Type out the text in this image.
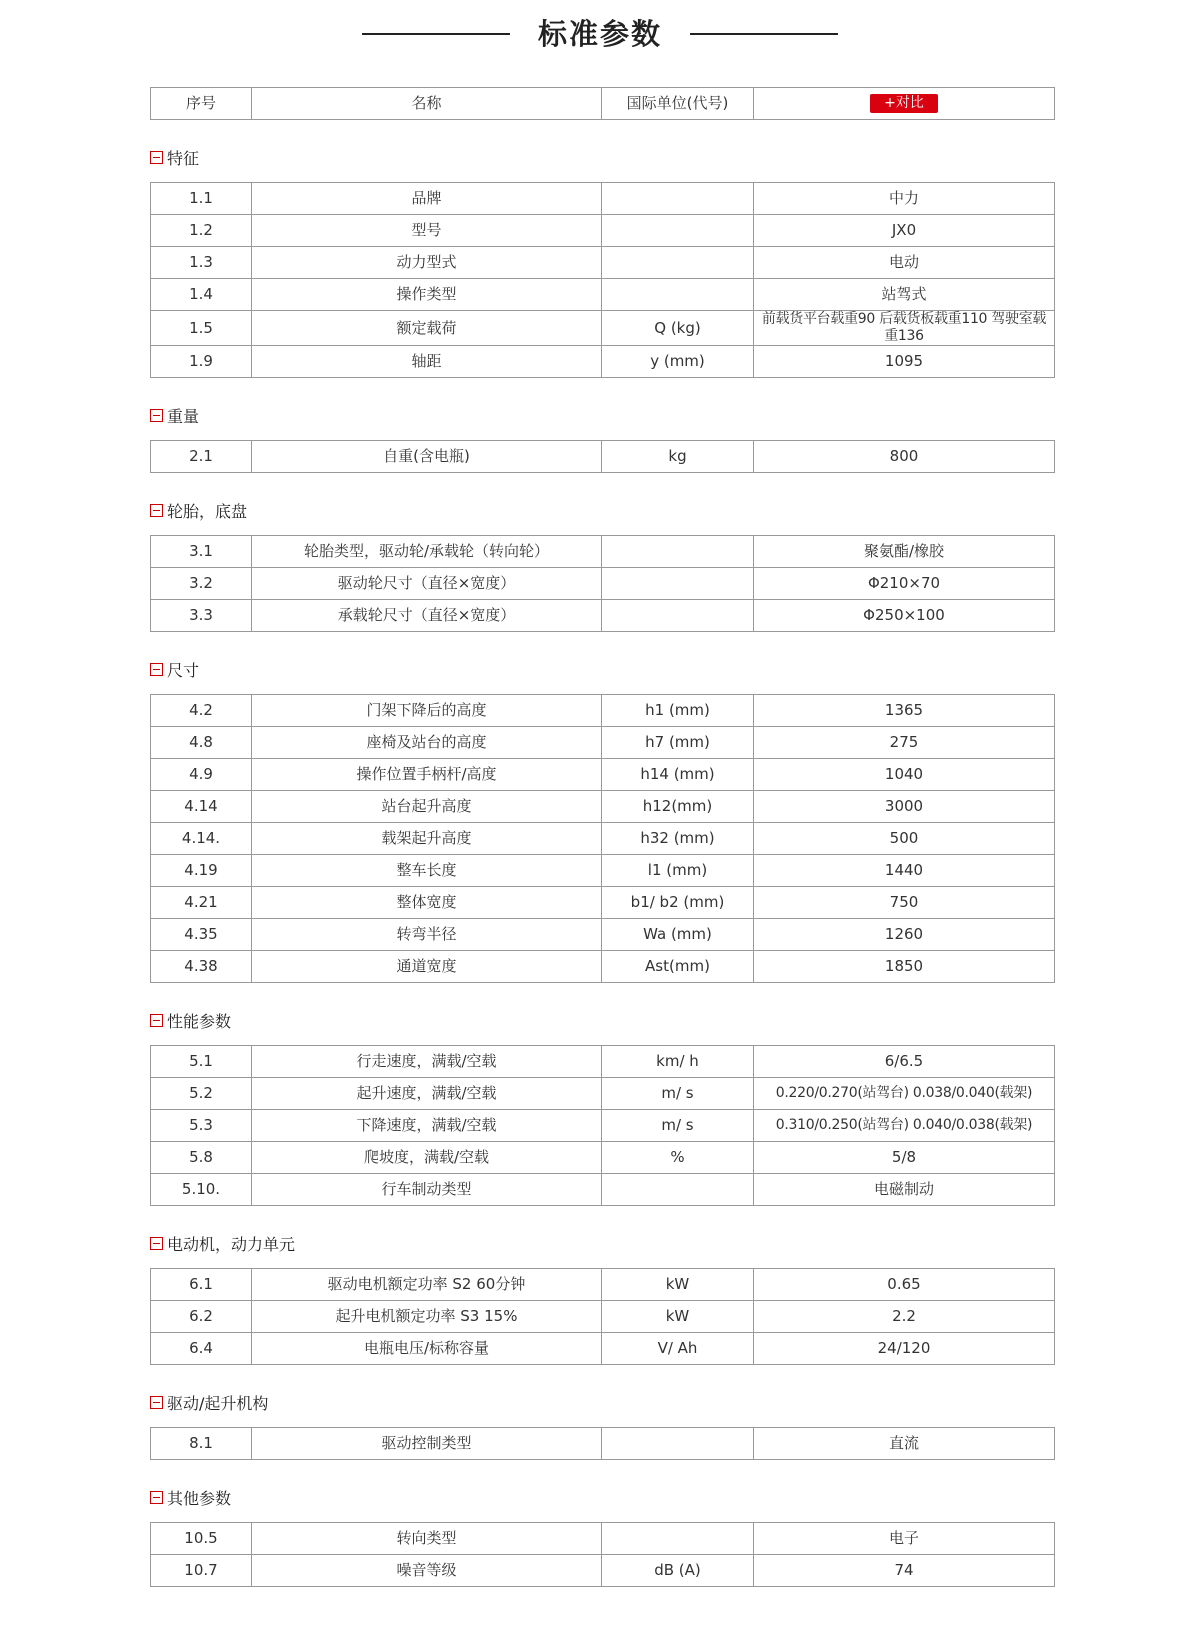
标准参数
序号	名称	国际单位(代号)	+对比
特征
1.1	品牌		中力
1.2	型号		JX0
1.3	动力型式		电动
1.4	操作类型		站驾式
1.5	额定载荷	Q (kg)	前载货平台载重90 后载货板载重110 驾驶室载重136
1.9	轴距	y (mm)	1095
重量
2.1	自重(含电瓶)	kg	800
轮胎，底盘
3.1	轮胎类型，驱动轮/承载轮（转向轮）		聚氨酯/橡胶
3.2	驱动轮尺寸（直径×宽度）		Φ210×70
3.3	承载轮尺寸（直径×宽度）		Φ250×100
尺寸
4.2	门架下降后的高度	h1 (mm)	1365
4.8	座椅及站台的高度	h7 (mm)	275
4.9	操作位置手柄杆/高度	h14 (mm)	1040
4.14	站台起升高度	h12(mm)	3000
4.14.	载架起升高度	h32 (mm)	500
4.19	整车长度	l1 (mm)	1440
4.21	整体宽度	b1/ b2 (mm)	750
4.35	转弯半径	Wa (mm)	1260
4.38	通道宽度	Ast(mm)	1850
性能参数
5.1	行走速度，满载/空载	km/ h	6/6.5
5.2	起升速度，满载/空载	m/ s	0.220/0.270(站驾台) 0.038/0.040(载架)
5.3	下降速度，满载/空载	m/ s	0.310/0.250(站驾台) 0.040/0.038(载架)
5.8	爬坡度，满载/空载	%	5/8
5.10.	行车制动类型		电磁制动
电动机，动力单元
6.1	驱动电机额定功率 S2 60分钟	kW	0.65
6.2	起升电机额定功率 S3 15%	kW	2.2
6.4	电瓶电压/标称容量	V/ Ah	24/120
驱动/起升机构
8.1	驱动控制类型		直流
其他参数
10.5	转向类型		电子
10.7	噪音等级	dB (A)	74
